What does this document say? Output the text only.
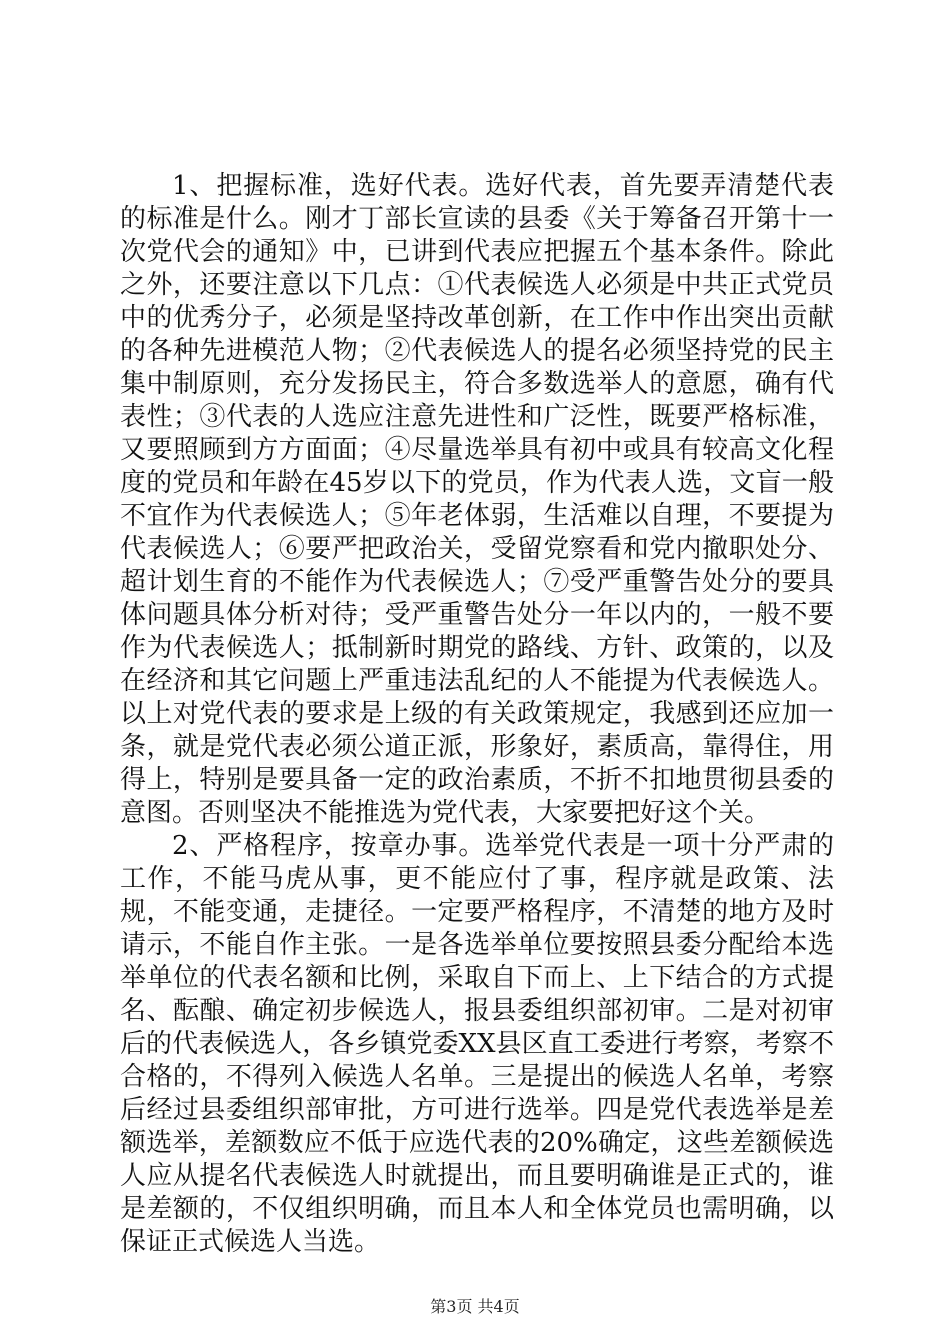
1、把握标准，选好代表。选好代表，首先要弄清楚代表的标准是什么。刚才丁部长宣读的县委《关于筹备召开第十一次党代会的通知》中，已讲到代表应把握五个基本条件。除此之外，还要注意以下几点：①代表候选人必须是中共正式党员中的优秀分子，必须是坚持改革创新，在工作中作出突出贡献的各种先进模范人物；②代表候选人的提名必须坚持党的民主集中制原则，充分发扬民主，符合多数选举人的意愿，确有代表性；③代表的人选应注意先进性和广泛性，既要严格标准，又要照顾到方方面面；④尽量选举具有初中或具有较高文化程度的党员和年龄在45岁以下的党员，作为代表人选，文盲一般不宜作为代表候选人；⑤年老体弱，生活难以自理，不要提为代表候选人；⑥要严把政治关，受留党察看和党内撤职处分、超计划生育的不能作为代表候选人；⑦受严重警告处分的要具体问题具体分析对待；受严重警告处分一年以内的，一般不要作为代表候选人；抵制新时期党的路线、方针、政策的，以及在经济和其它问题上严重违法乱纪的人不能提为代表候选人。以上对党代表的要求是上级的有关政策规定，我感到还应加一条，就是党代表必须公道正派，形象好，素质高，靠得住，用得上，特别是要具备一定的政治素质，不折不扣地贯彻县委的意图。否则坚决不能推选为党代表，大家要把好这个关。

2、严格程序，按章办事。选举党代表是一项十分严肃的工作，不能马虎从事，更不能应付了事，程序就是政策、法规，不能变通，走捷径。一定要严格程序，不清楚的地方及时请示，不能自作主张。一是各选举单位要按照县委分配给本选举单位的代表名额和比例，采取自下而上、上下结合的方式提名、酝酿、确定初步候选人，报县委组织部初审。二是对初审后的代表候选人，各乡镇党委XX县区直工委进行考察，考察不合格的，不得列入候选人名单。三是提出的候选人名单，考察后经过县委组织部审批，方可进行选举。四是党代表选举是差额选举，差额数应不低于应选代表的20%确定，这些差额候选人应从提名代表候选人时就提出，而且要明确谁是正式的，谁是差额的，不仅组织明确，而且本人和全体党员也需明确，以保证正式候选人当选。

第3页 共4页
